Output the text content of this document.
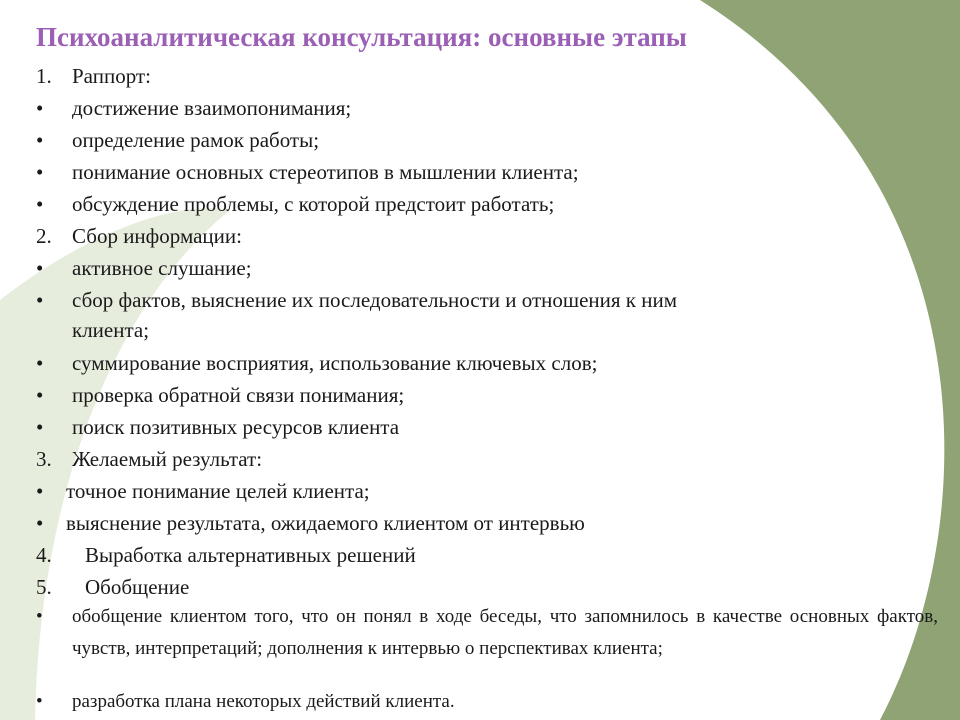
Психоаналитическая консультация: основные этапы
1. Раппорт:
• достижение взаимопонимания;
• определение рамок работы;
• понимание основных стереотипов в мышлении клиента;
• обсуждение проблемы, с которой предстоит работать;
2. Сбор информации:
• активное слушание;
• сбор фактов, выяснение их последовательности и отношения к ним
клиента;
• суммирование восприятия, использование ключевых слов;
• проверка обратной связи понимания;
• поиск позитивных ресурсов клиента
3. Желаемый результат:
• точное понимание целей клиента;
• выяснение результата, ожидаемого клиентом от интервью
4. Выработка альтернативных решений
5. Обобщение
• обобщение клиентом того, что он понял в ходе беседы, что запомнилось в качестве основных фактов, чувств, интерпретаций; дополнения к интервью о перспективах клиента;
• разработка плана некоторых действий клиента.
